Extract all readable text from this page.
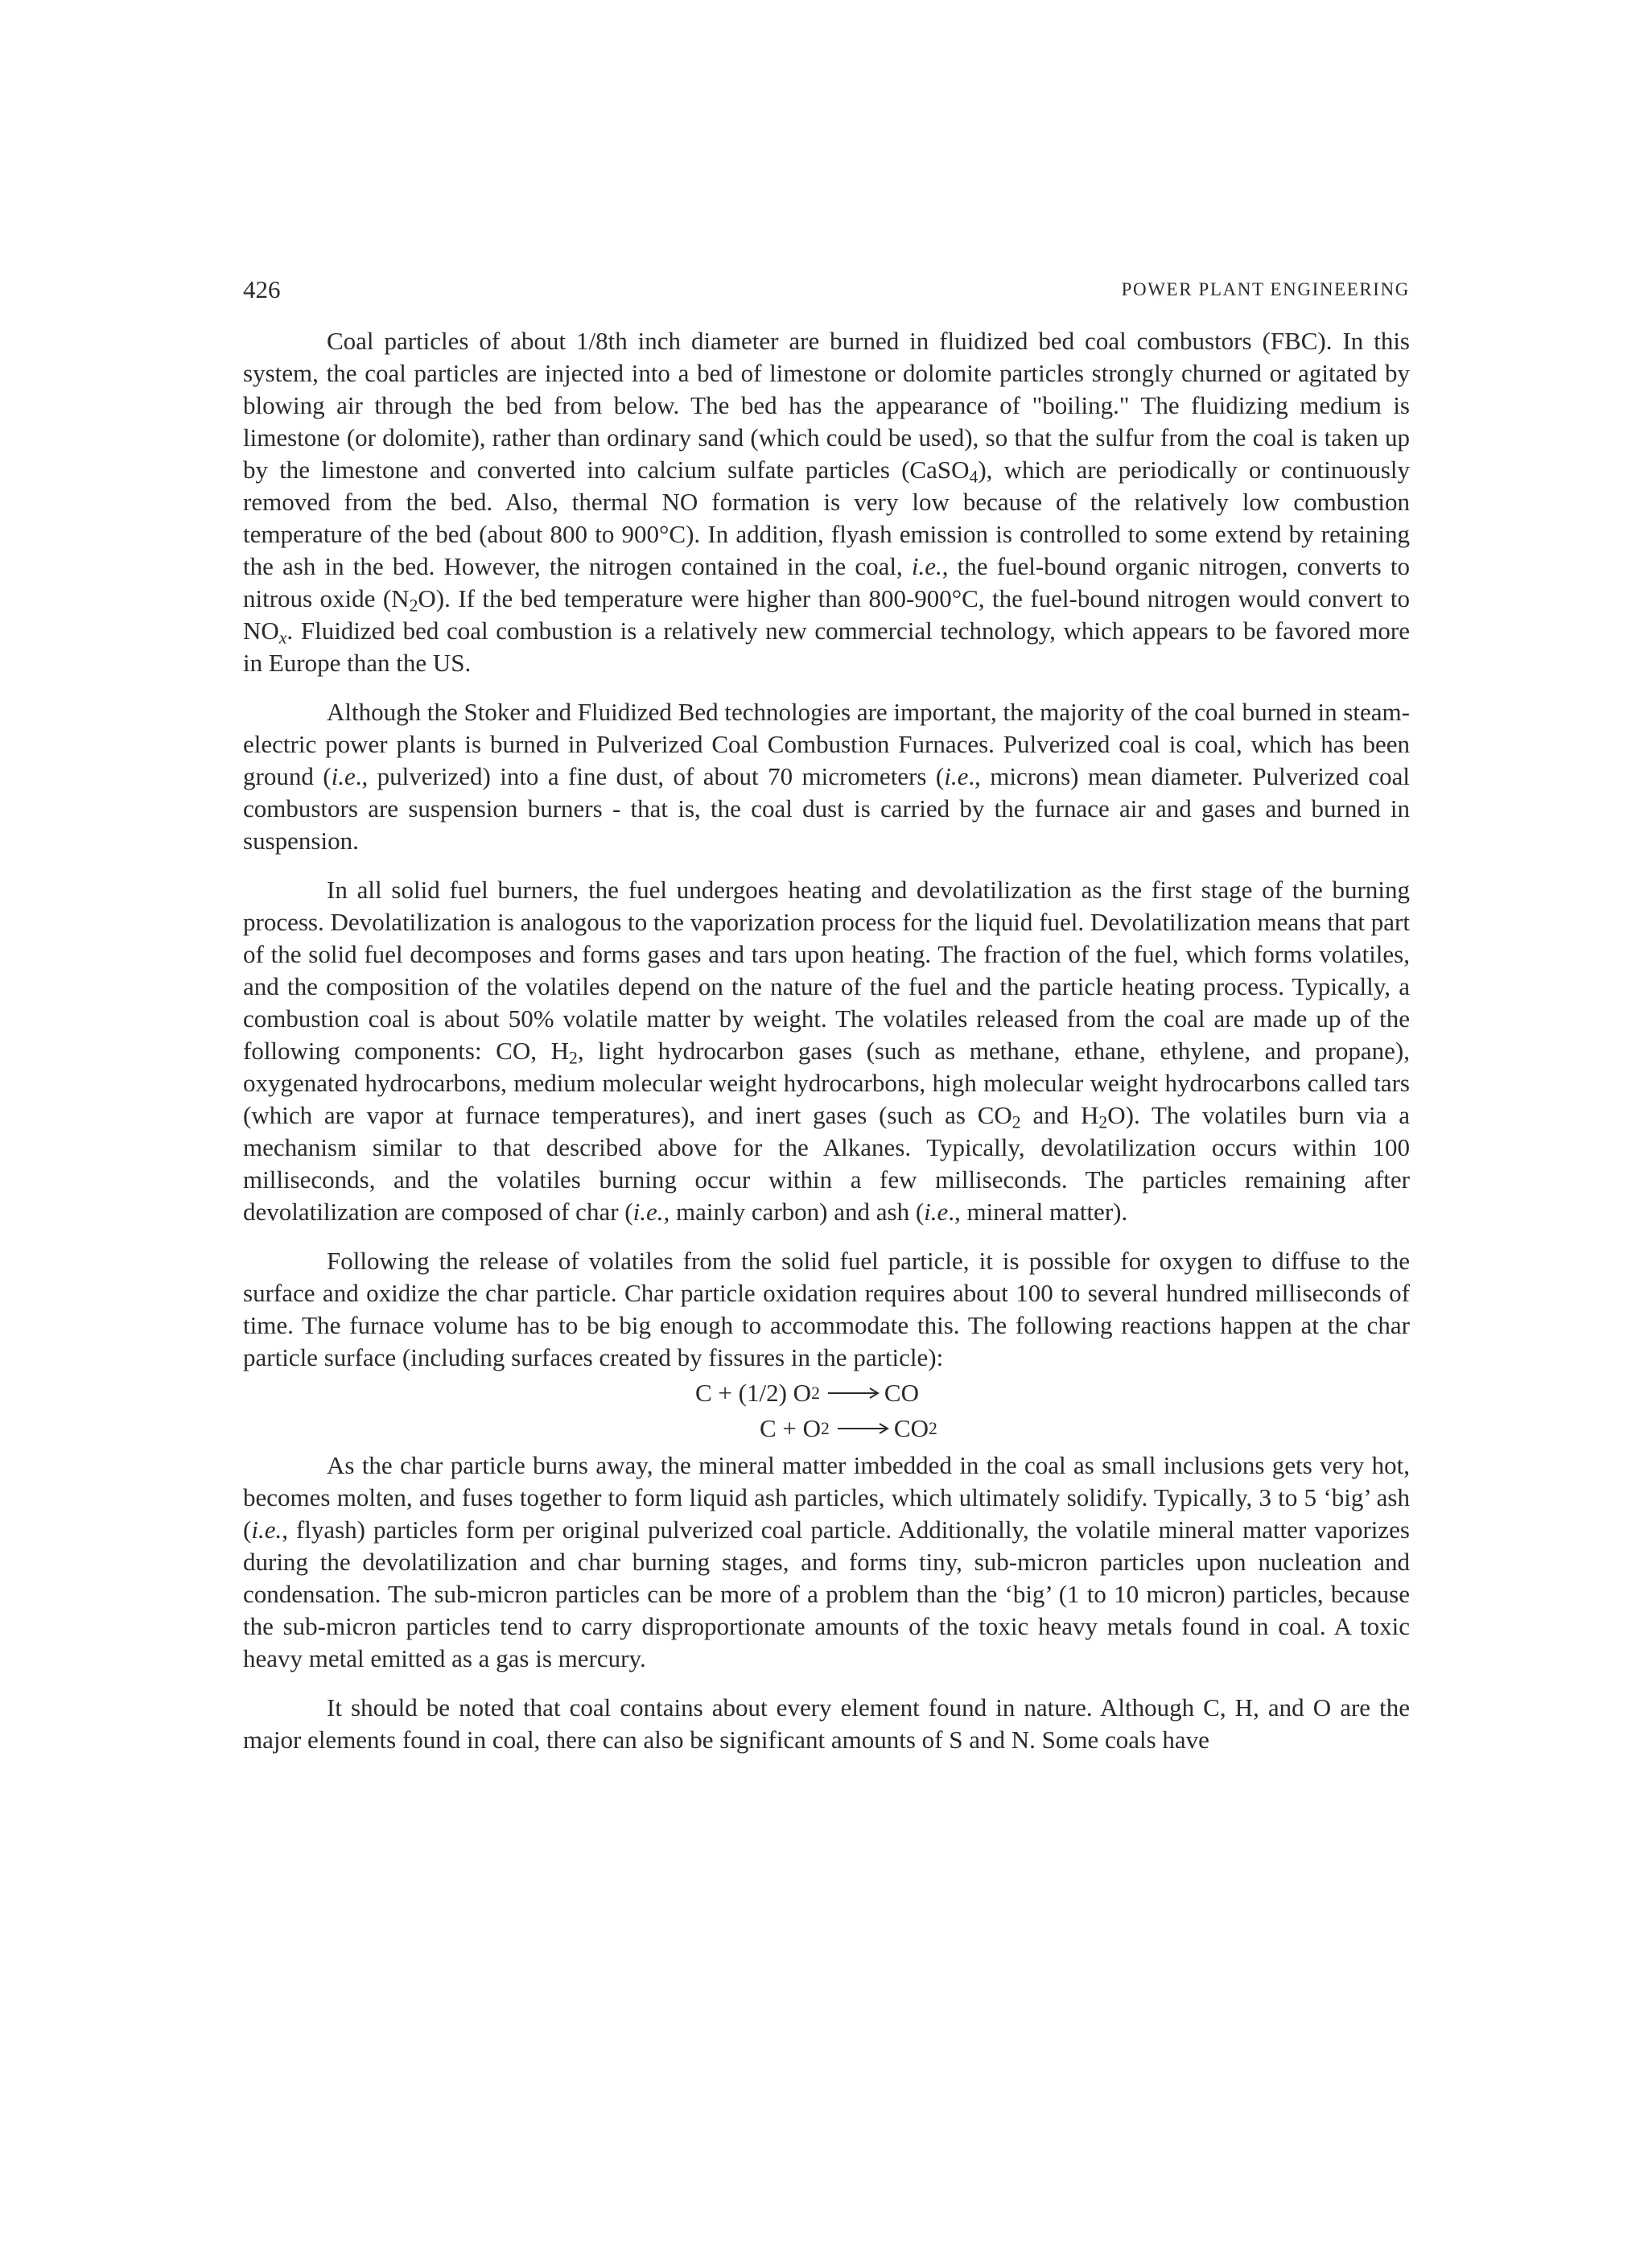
426	POWER PLANT ENGINEERING

Coal particles of about 1/8th inch diameter are burned in fluidized bed coal combustors (FBC). In this system, the coal particles are injected into a bed of limestone or dolomite particles strongly churned or agitated by blowing air through the bed from below. The bed has the appearance of "boiling." The fluidizing medium is limestone (or dolomite), rather than ordinary sand (which could be used), so that the sulfur from the coal is taken up by the limestone and converted into calcium sulfate particles (CaSO$_4$), which are periodically or continuously removed from the bed. Also, thermal NO formation is very low because of the relatively low combustion temperature of the bed (about 800 to 900°C). In addition, flyash emission is controlled to some extend by retaining the ash in the bed. However, the nitrogen contained in the coal, i.e., the fuel-bound organic nitrogen, converts to nitrous oxide $(N_2O)$. If the bed temperature were higher than 800-900°C, the fuel-bound nitrogen would convert to $NO_x$. Fluidized bed coal combustion is a relatively new commercial technology, which appears to be favored more in Europe than the US.

Although the Stoker and Fluidized Bed technologies are important, the majority of the coal burned in steam-electric power plants is burned in Pulverized Coal Combustion Furnaces. Pulverized coal is coal, which has been ground (i.e., pulverized) into a fine dust, of about 70 micrometers (i.e., microns) mean diameter. Pulverized coal combustors are suspension burners - that is, the coal dust is carried by the furnace air and gases and burned in suspension.

In all solid fuel burners, the fuel undergoes heating and devolatilization as the first stage of the burning process. Devolatilization is analogous to the vaporization process for the liquid fuel. Devolatilization means that part of the solid fuel decomposes and forms gases and tars upon heating. The fraction of the fuel, which forms volatiles, and the composition of the volatiles depend on the nature of the fuel and the particle heating process. Typically, a combustion coal is about 50% volatile matter by weight. The volatiles released from the coal are made up of the following components: CO, $H_2$, light hydrocarbon gases (such as methane, ethane, ethylene, and propane), oxygenated hydrocarbons, medium molecular weight hydrocarbons, high molecular weight hydrocarbons called tars (which are vapor at furnace temperatures), and inert gases (such as $CO_2$ and $H_2O$). The volatiles burn via a mechanism similar to that described above for the Alkanes. Typically, devolatilization occurs within 100 milliseconds, and the volatiles burning occur within a few milliseconds. The particles remaining after devolatilization are composed of char (i.e., mainly carbon) and ash (i.e., mineral matter).

Following the release of volatiles from the solid fuel particle, it is possible for oxygen to diffuse to the surface and oxidize the char particle. Char particle oxidation requires about 100 to several hundred milliseconds of time. The furnace volume has to be big enough to accommodate this. The following reactions happen at the char particle surface (including surfaces created by fissures in the particle):

C + (1/2) O 2	CO
C + O 2	CO 2

As the char particle burns away, the mineral matter imbedded in the coal as small inclusions gets very hot, becomes molten, and fuses together to form liquid ash particles, which ultimately solidify. Typically, 3 to 5 ‘big’ ash (i.e., flyash) particles form per original pulverized coal particle. Additionally, the volatile mineral matter vaporizes during the devolatilization and char burning stages, and forms tiny, sub-micron particles upon nucleation and condensation. The sub-micron particles can be more of a problem than the ‘big’ (1 to 10 micron) particles, because the sub-micron particles tend to carry disproportionate amounts of the toxic heavy metals found in coal. A toxic heavy metal emitted as a gas is mercury.

It should be noted that coal contains about every element found in nature. Although C, H, and O are the major elements found in coal, there can also be significant amounts of S and N. Some coals have
